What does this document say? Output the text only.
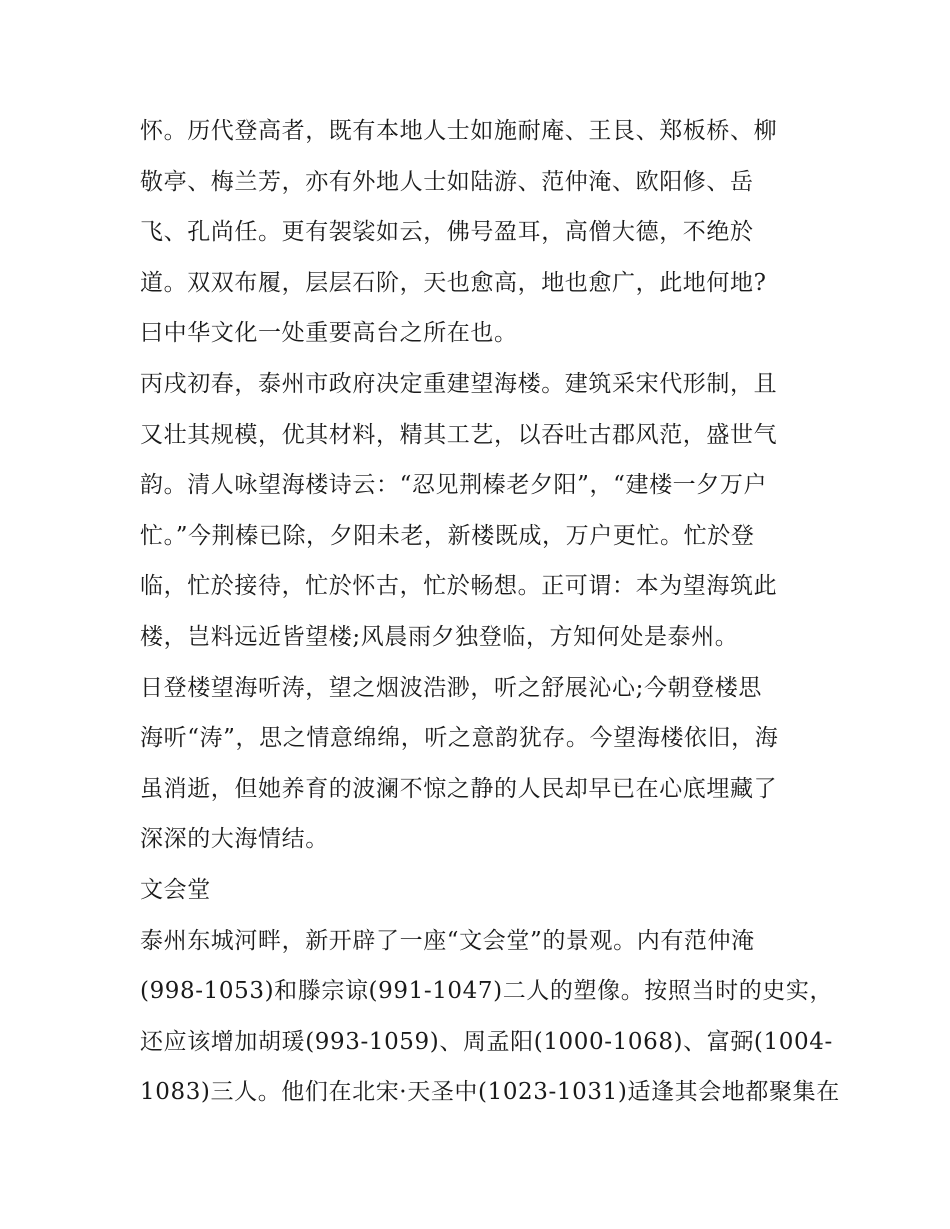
怀。历代登高者，既有本地人士如施耐庵、王艮、郑板桥、柳
敬亭、梅兰芳，亦有外地人士如陆游、范仲淹、欧阳修、岳
飞、孔尚任。更有袈裟如云，佛号盈耳，高僧大德，不绝於
道。双双布履，层层石阶，天也愈高，地也愈广，此地何地?
曰中华文化一处重要高台之所在也。
丙戌初春，泰州市政府决定重建望海楼。建筑采宋代形制，且
又壮其规模，优其材料，精其工艺，以吞吐古郡风范，盛世气
韵。清人咏望海楼诗云：“忍见荆榛老夕阳”，“建楼一夕万户
忙。”今荆榛已除，夕阳未老，新楼既成，万户更忙。忙於登
临，忙於接待，忙於怀古，忙於畅想。正可谓：本为望海筑此
楼，岂料远近皆望楼;风晨雨夕独登临，方知何处是泰州。
日登楼望海听涛，望之烟波浩渺，听之舒展沁心;今朝登楼思
海听“涛”，思之情意绵绵，听之意韵犹存。今望海楼依旧，海
虽消逝，但她养育的波澜不惊之静的人民却早已在心底埋藏了
深深的大海情结。
文会堂
泰州东城河畔，新开辟了一座“文会堂”的景观。内有范仲淹
(998-1053)和滕宗谅(991-1047)二人的塑像。按照当时的史实，
还应该增加胡瑗(993-1059)、周孟阳(1000-1068)、富弼(1004-
1083)三人。他们在北宋·天圣中(1023-1031)适逢其会地都聚集在
